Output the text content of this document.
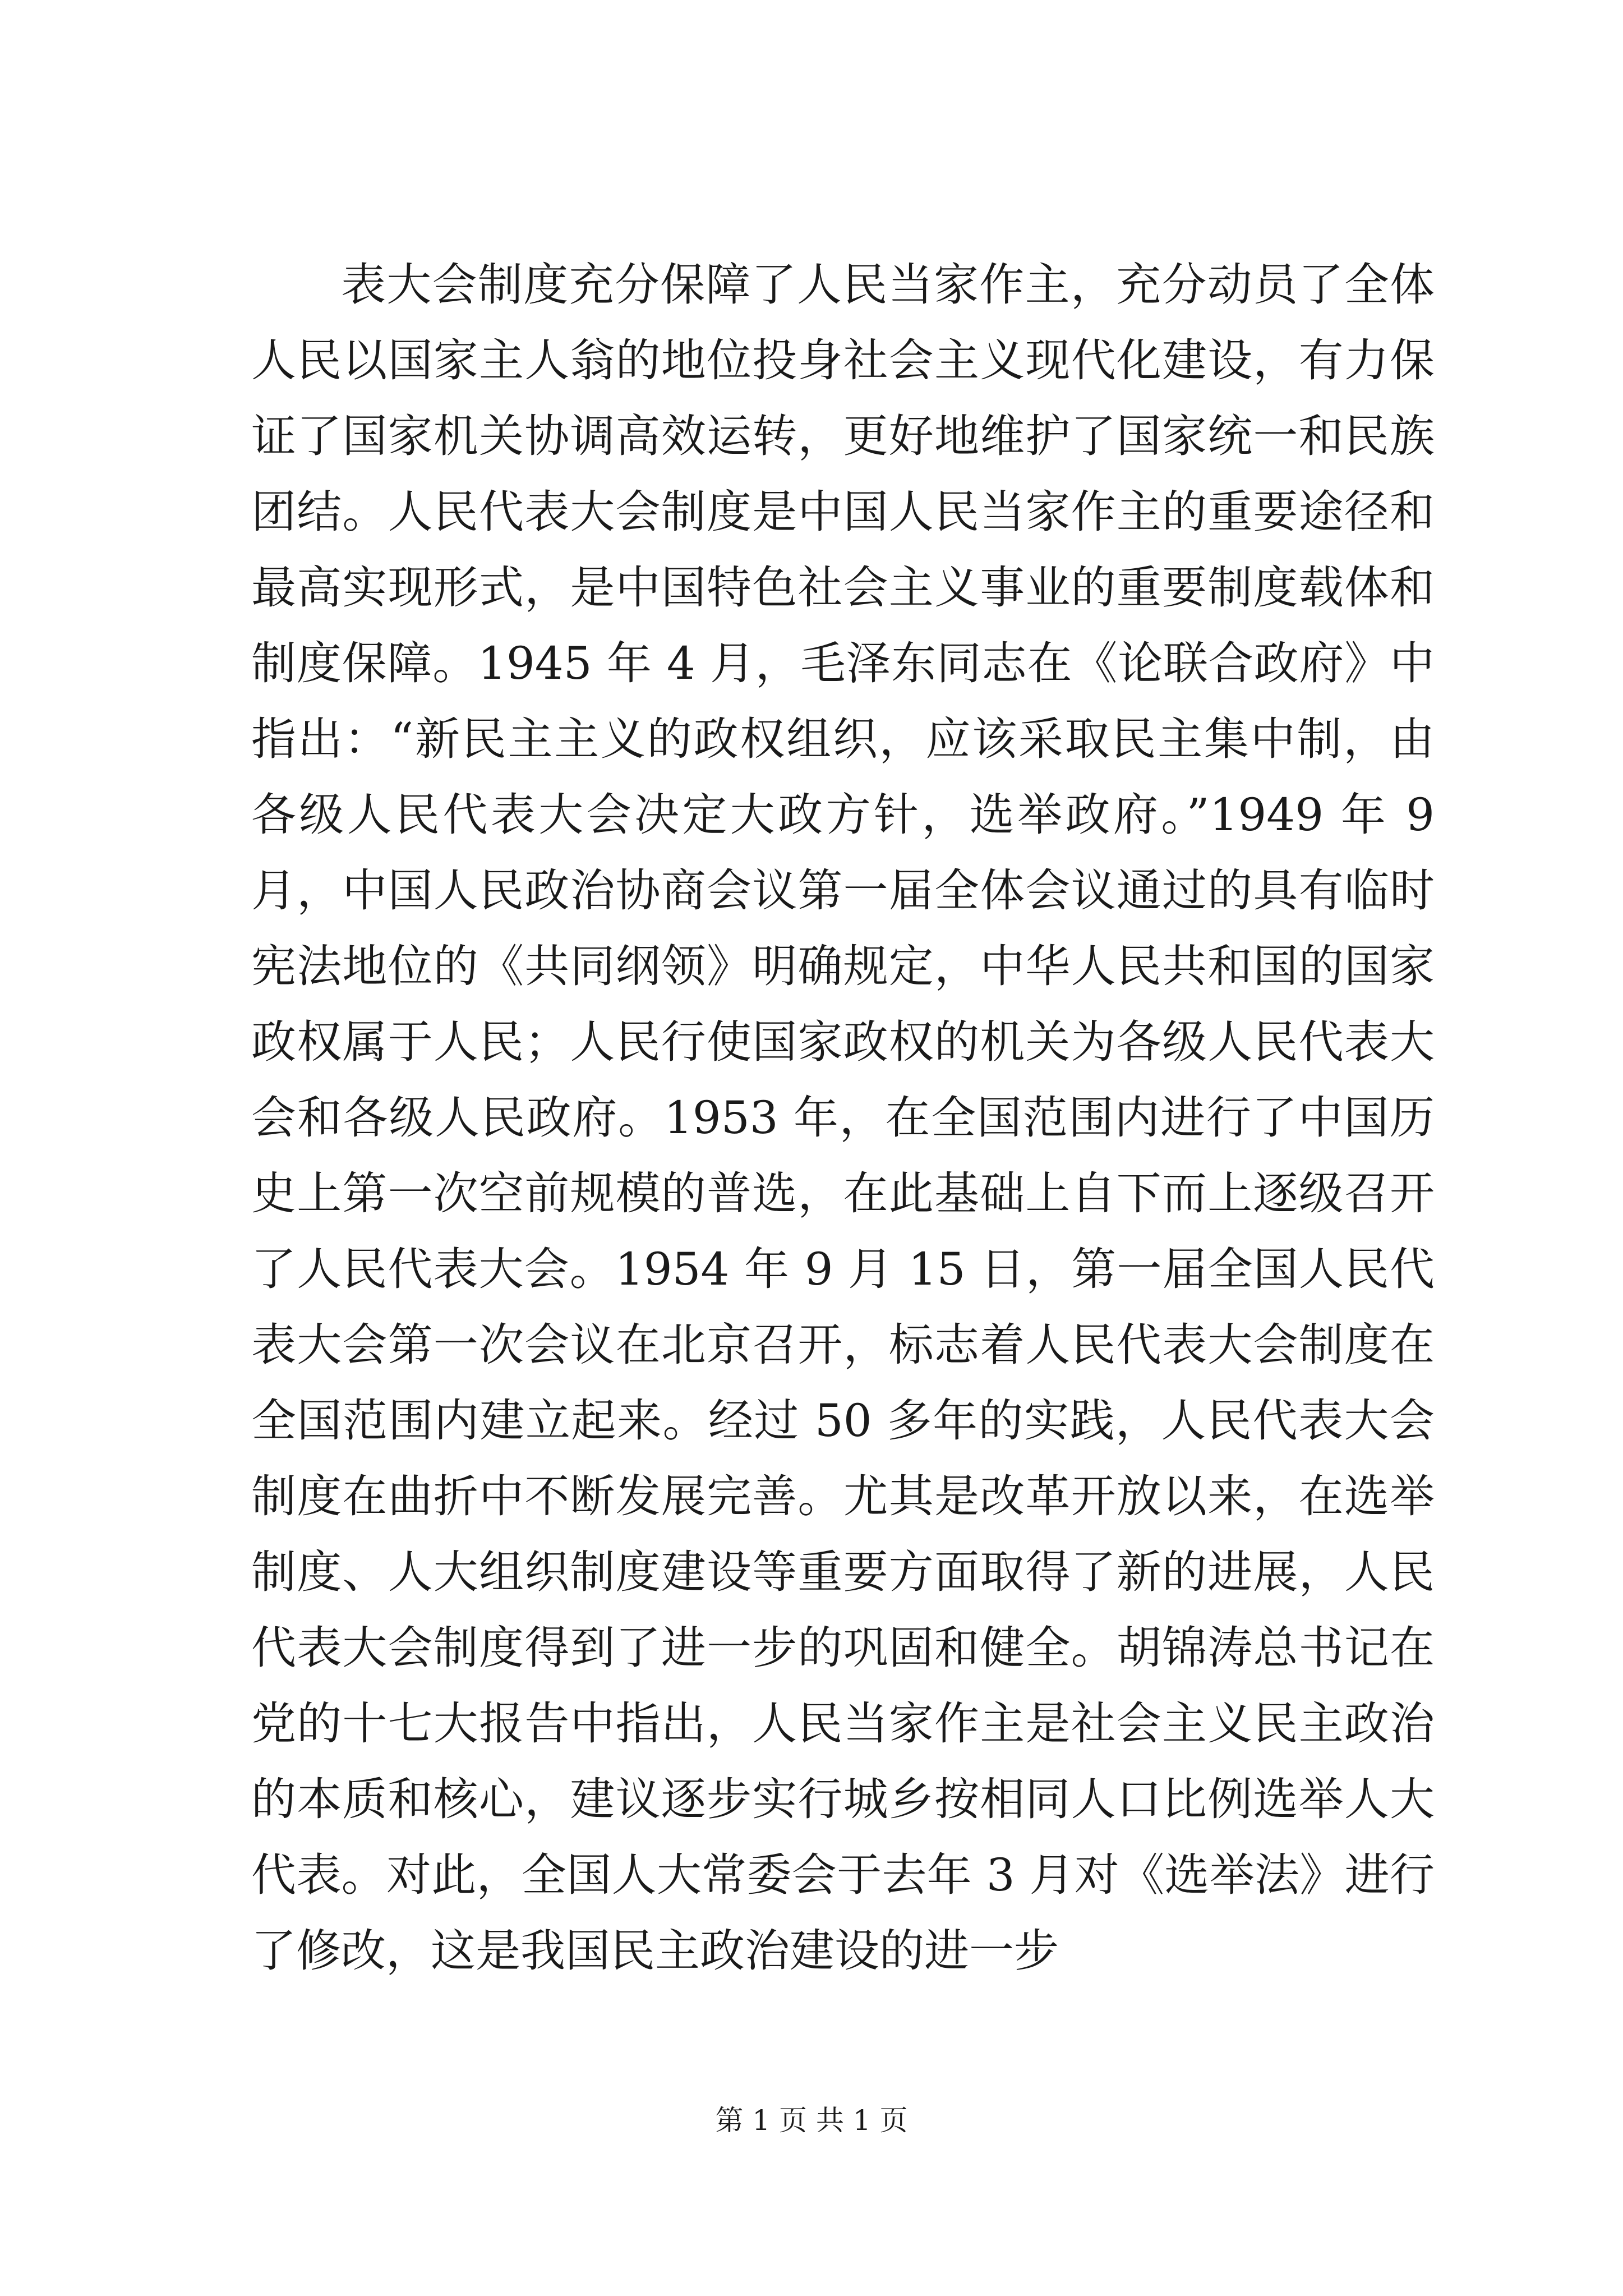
表大会制度充分保障了人民当家作主，充分动员了全体人民以国家主人翁的地位投身社会主义现代化建设，有力保证了国家机关协调高效运转，更好地维护了国家统一和民族团结。人民代表大会制度是中国人民当家作主的重要途径和最高实现形式，是中国特色社会主义事业的重要制度载体和制度保障。1945 年 4 月，毛泽东同志在《论联合政府》中指出：“新民主主义的政权组织，应该采取民主集中制，由各级人民代表大会决定大政方针，选举政府。”1949 年 9 月，中国人民政治协商会议第一届全体会议通过的具有临时宪法地位的《共同纲领》明确规定，中华人民共和国的国家政权属于人民；人民行使国家政权的机关为各级人民代表大会和各级人民政府。1953 年，在全国范围内进行了中国历史上第一次空前规模的普选，在此基础上自下而上逐级召开了人民代表大会。1954 年 9 月 15 日，第一届全国人民代表大会第一次会议在北京召开，标志着人民代表大会制度在全国范围内建立起来。经过 50 多年的实践，人民代表大会制度在曲折中不断发展完善。尤其是改革开放以来，在选举制度、人大组织制度建设等重要方面取得了新的进展，人民代表大会制度得到了进一步的巩固和健全。胡锦涛总书记在党的十七大报告中指出，人民当家作主是社会主义民主政治的本质和核心，建议逐步实行城乡按相同人口比例选举人大代表。对此，全国人大常委会于去年 3 月对《选举法》进行了修改，这是我国民主政治建设的进一步

第 1 页 共 1 页
